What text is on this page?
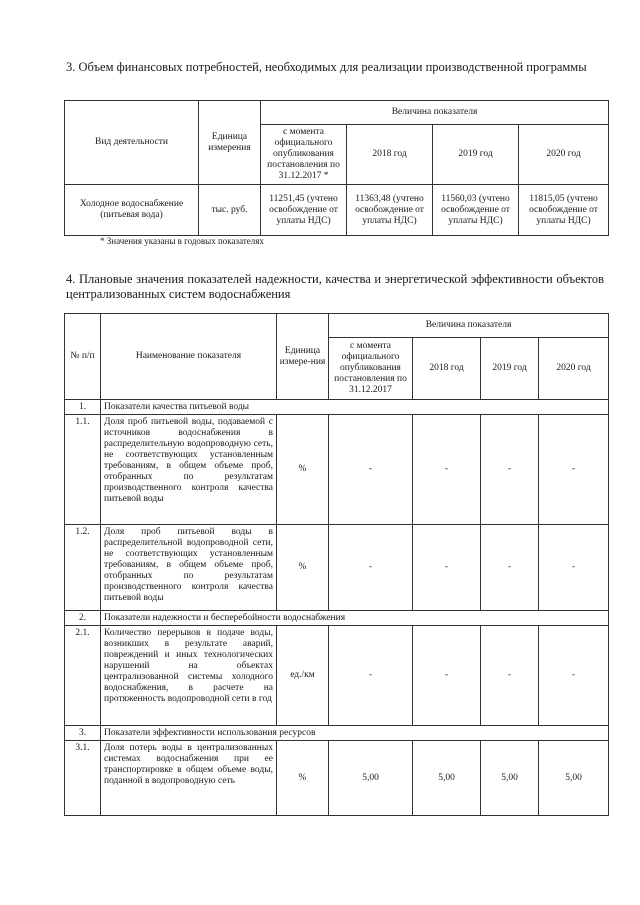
3. Объем финансовых потребностей, необходимых для реализации производственной программы
Вид деятельности	Единица измерения	Величина показателя			
		с момента официального опубликования постановления по 31.12.2017 *	2018 год	2019 год	2020 год
Холодное водоснабжение (питьевая вода)	тыс. руб.	11251,45 (учтено освобождение от уплаты НДС)	11363,48 (учтено освобождение от уплаты НДС)	11560,03 (учтено освобождение от уплаты НДС)	11815,05 (учтено освобождение от уплаты НДС)
* Значения указаны в годовых показателях
4. Плановые значения показателей надежности, качества и энергетической эффективности объектов централизованных систем водоснабжения
№ п/п	Наименование показателя	Единица измере-ния	Величина показателя			
			с момента официального опубликования постановления по 31.12.2017	2018 год	2019 год	2020 год
1.	Показатели качества питьевой воды					
1.1.	Доля проб питьевой воды, подаваемой с источников водоснабжения в распределительную водопроводную сеть, не соответствующих установленным требованиям, в общем объеме проб, отобранных по результатам производственного контроля качества питьевой воды	%	-	-	-	-
1.2.	Доля проб питьевой воды в распределительной водопроводной сети, не соответствующих установленным требованиям, в общем объеме проб, отобранных по результатам производственного контроля качества питьевой воды	%	-	-	-	-
2.	Показатели надежности и бесперебойности водоснабжения					
2.1.	Количество перерывов в подаче воды, возникших в результате аварий, повреждений и иных технологических нарушений на объектах централизованной системы холодного водоснабжения, в расчете на протяженность водопроводной сети в год	ед./км	-	-	-	-
3.	Показатели эффективности использования ресурсов					
3.1.	Доля потерь воды в централизованных системах водоснабжения при ее транспортировке в общем объеме воды, поданной в водопроводную сеть	%	5,00	5,00	5,00	5,00
